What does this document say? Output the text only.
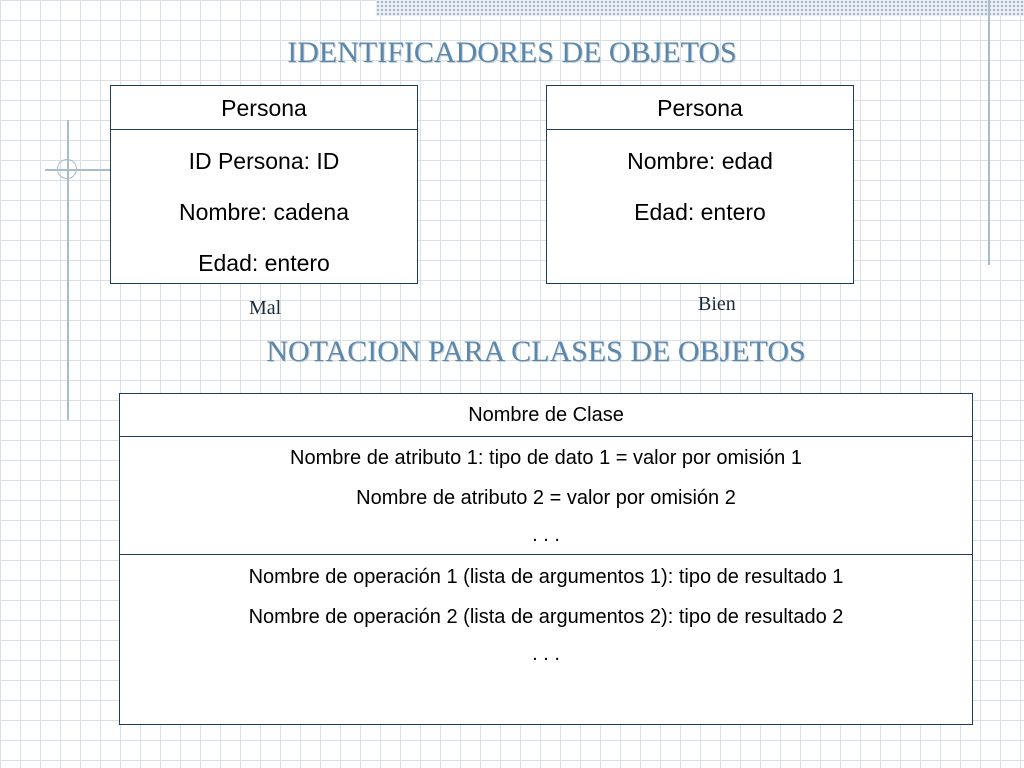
IDENTIFICADORES DE OBJETOS
Persona
ID Persona: ID
Nombre: cadena
Edad: entero
Mal
Persona
Nombre: edad
Edad: entero
Bien
NOTACION PARA CLASES DE OBJETOS
Nombre de Clase
Nombre de atributo 1: tipo de dato 1 = valor por omisión 1
Nombre de atributo 2 = valor por omisión 2
. . .
Nombre de operación 1 (lista de argumentos 1): tipo de resultado 1
Nombre de operación 2 (lista de argumentos 2): tipo de resultado 2
. . .
